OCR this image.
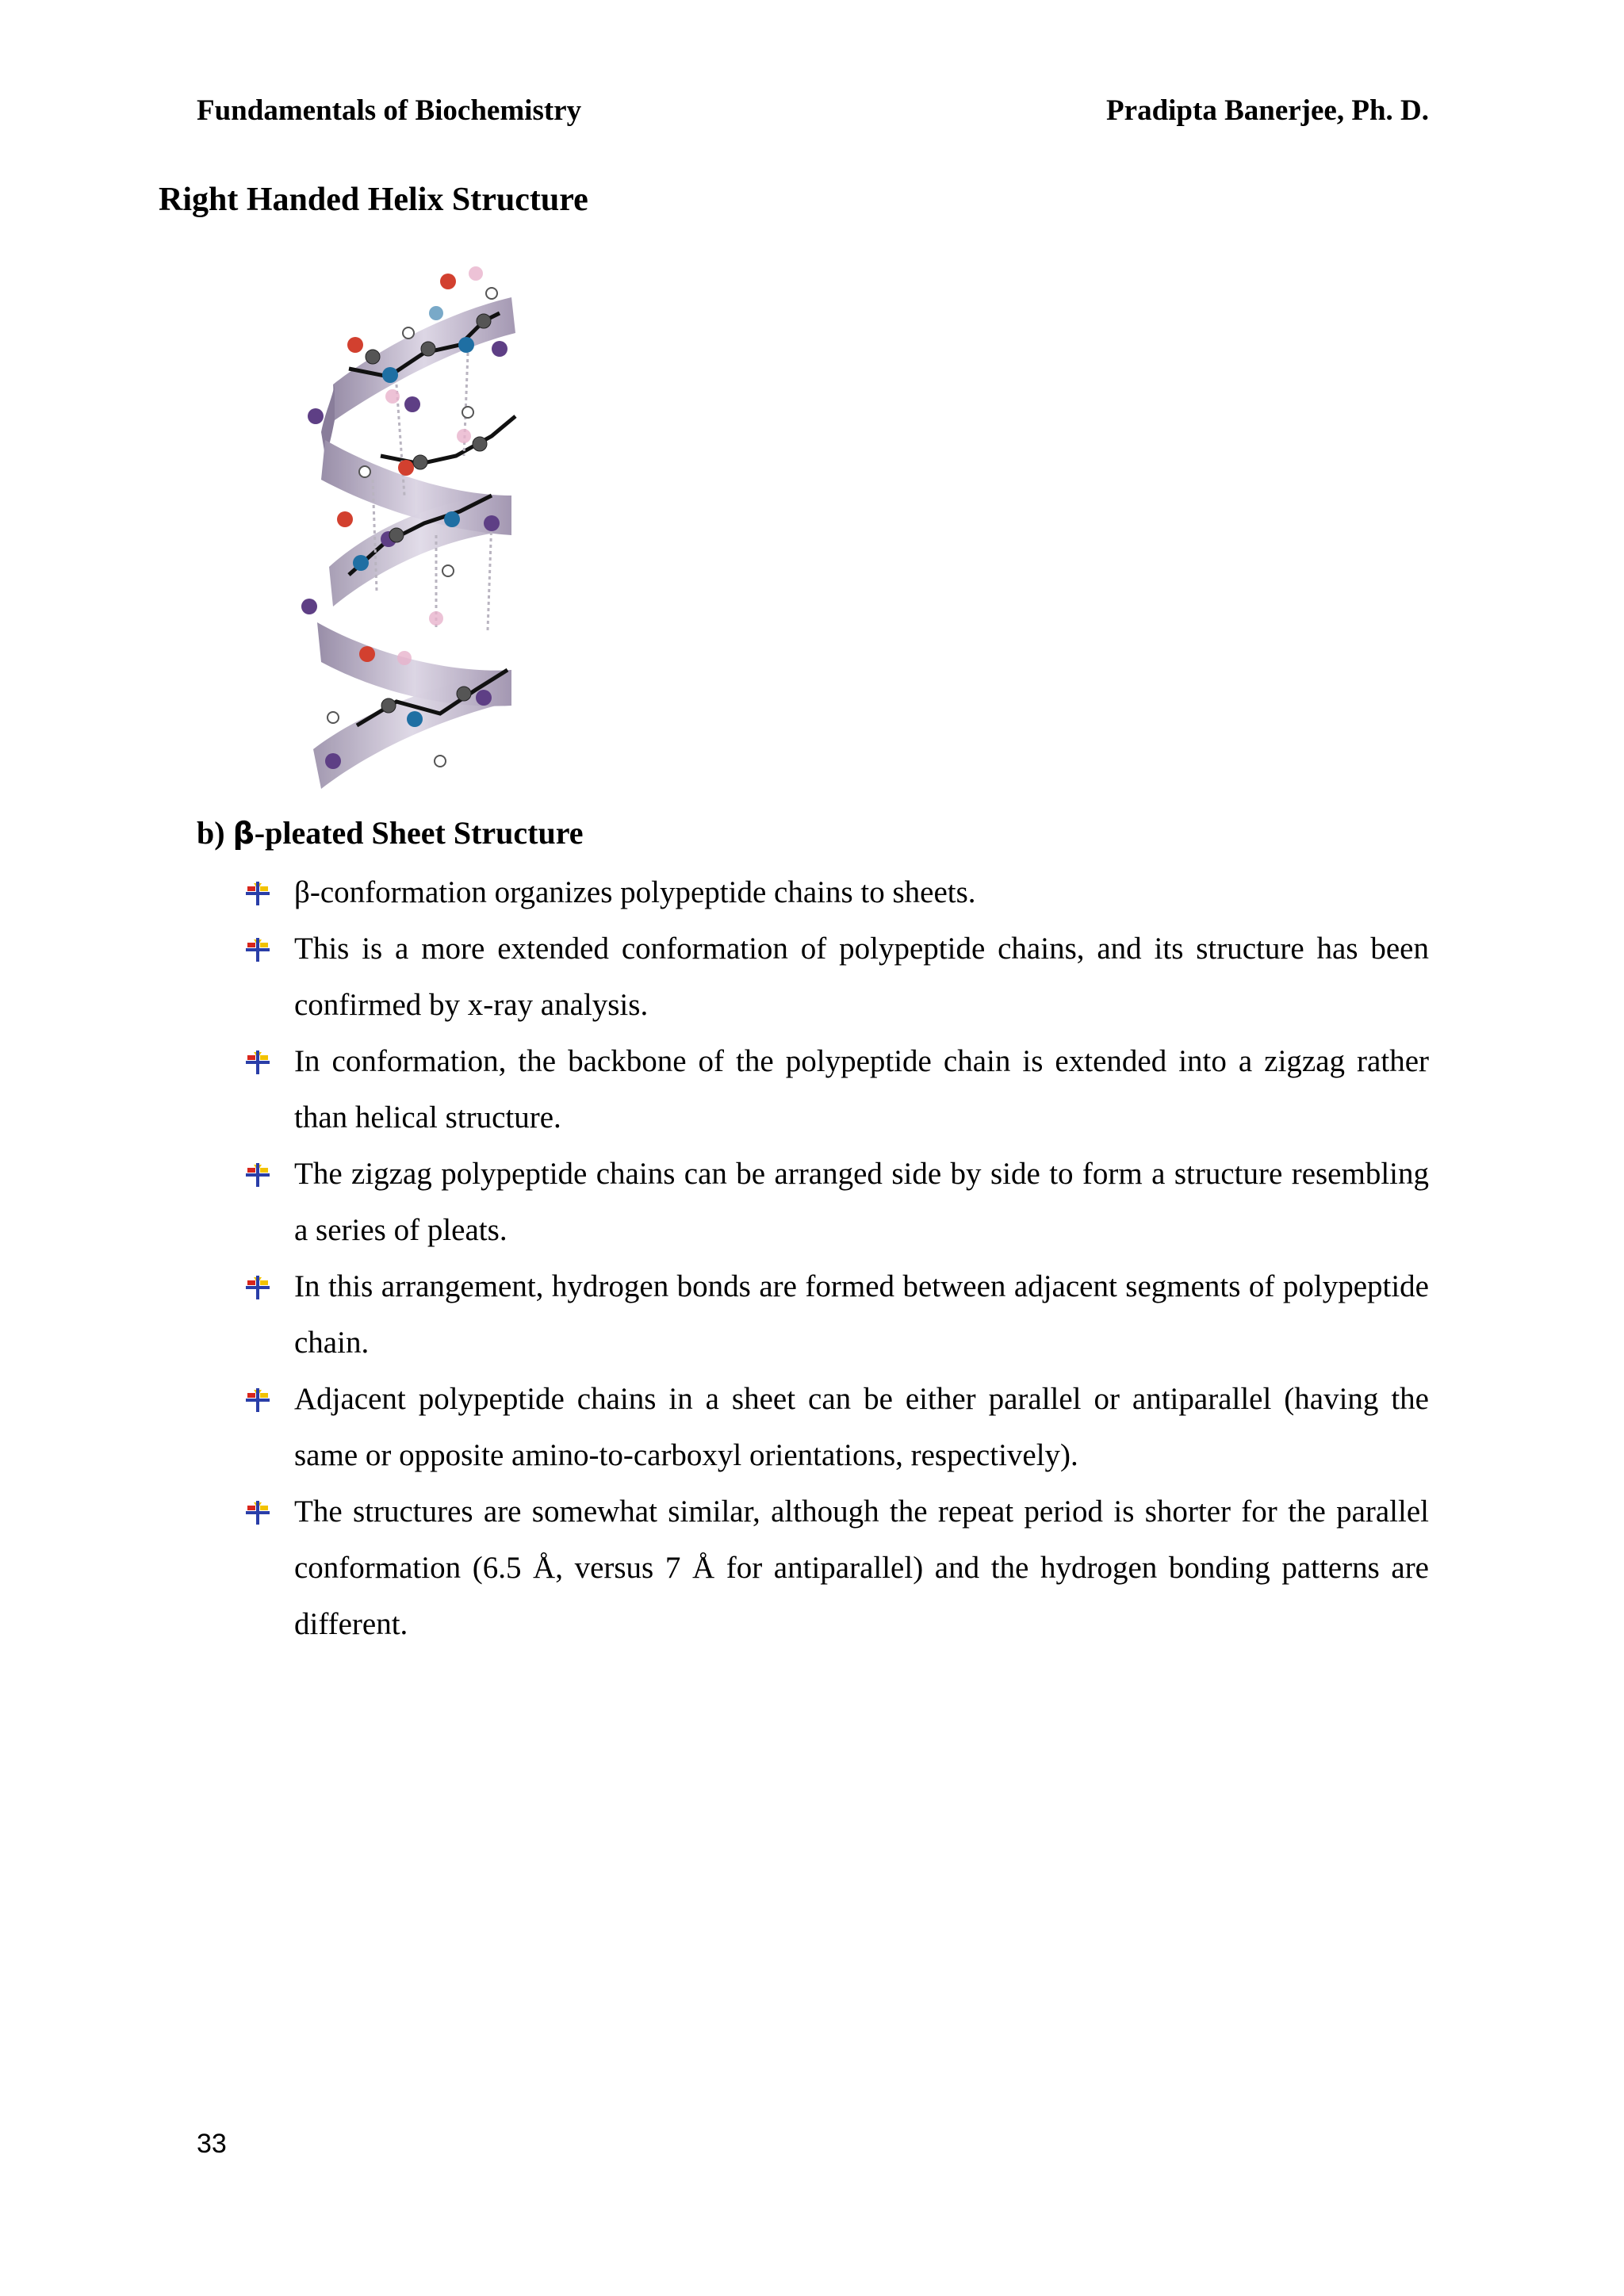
Fundamentals of Biochemistry	Pradipta Banerjee, Ph. D.
Right Handed Helix Structure
b) β-pleated Sheet Structure
β-conformation organizes polypeptide chains to sheets.
This is a more extended conformation of polypeptide chains, and its structure has been confirmed by x-ray analysis.
In conformation, the backbone of the polypeptide chain is extended into a zigzag rather than helical structure.
The zigzag polypeptide chains can be arranged side by side to form a structure resembling a series of pleats.
In this arrangement, hydrogen bonds are formed between adjacent segments of polypeptide chain.
Adjacent polypeptide chains in a sheet can be either parallel or antiparallel (having the same or opposite amino-to-carboxyl orientations, respectively).
The structures are somewhat similar, although the repeat period is shorter for the parallel conformation (6.5 Å, versus 7 Å for antiparallel) and the hydrogen bonding patterns are different.
33
